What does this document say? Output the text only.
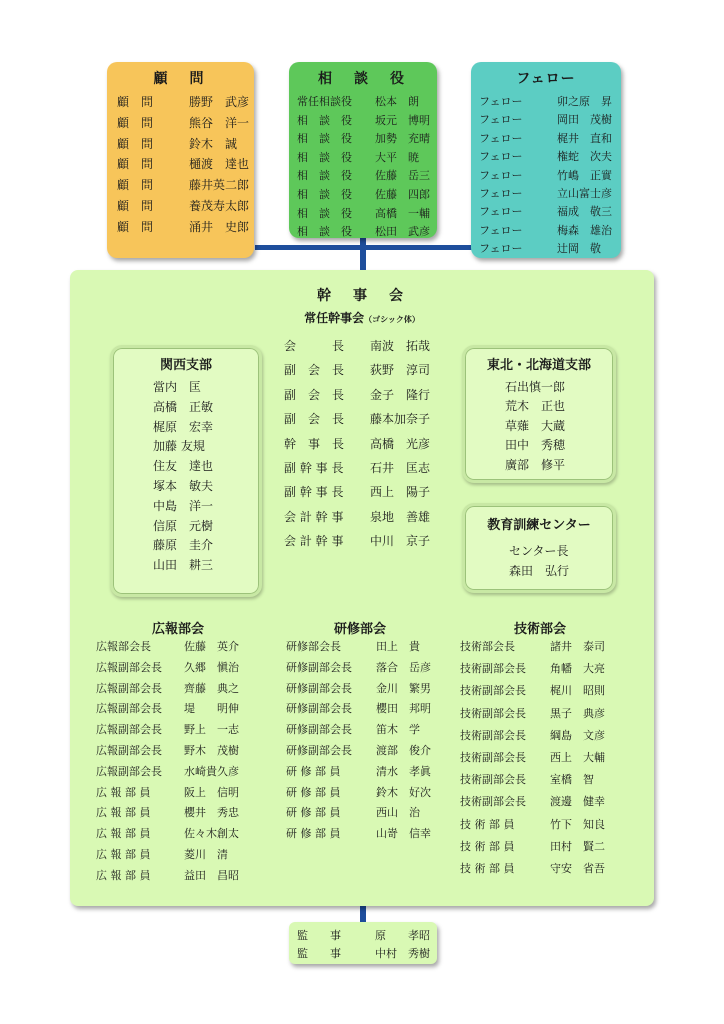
顧　問
顧　問	勝野　武彦
顧　問	熊谷　洋一
顧　問	鈴木　誠
顧　問	樋渡　達也
顧　問	藤井英二郎
顧　問	養茂寿太郎
顧　問	涌井　史郎
相　談　役
常任相談役 松本　朗
相　談　役 坂元　博明
相　談　役 加勢　充晴
相　談　役 大平　暁
相　談　役 佐藤　岳三
相　談　役 佐藤　四郎
相　談　役 高橋　一輔
相　談　役 松田　武彦
フェロー
フェロー	卯之原　昇
フェロー	岡田　茂樹
フェロー	梶井　直和
フェロー	権蛇　次夫
フェロー	竹嶋　正實
フェロー	立山富士彦
フェロー	福成　敬三
フェロー	梅森　雄治
フェロー	辻岡　敬
幹　事　会
常任幹事会（ゴシック体）
会　　　長 南波　拓哉
副　会　長 荻野　淳司
副　会　長 金子　隆行
副　会　長 藤本加奈子
幹　事　長 高橋　光彦
副 幹 事 長 石井　匡志
副 幹 事 長 西上　陽子
会 計 幹 事 泉地　善雄
会 計 幹 事 中川　京子
関西支部
當内　匡
高橋　正敏
梶原　宏幸
加藤 友規
住友　達也
塚本　敏夫
中島　洋一
信原　元樹
藤原　圭介
山田　耕三
東北・北海道支部
石出慎一郎
荒木　正也
草薙　大蔵
田中　秀穂
廣部　修平
教育訓練センター
センター長
森田　弘行
広報部会
広報部会長	佐藤　英介
広報副部会長 久郷　愼治
広報副部会長 齊藤　典之
広報副部会長 堤　　明伸
広報副部会長 野上　一志
広報副部会長 野木　茂樹
広報副部会長 水崎貴久彦
広 報 部 員	阪上　信明
広 報 部 員	櫻井　秀忠
広 報 部 員	佐々木創太
広 報 部 員	菱川　清
広 報 部 員	益田　昌昭
研修部会
研修部会長	田上　貴
研修副部会長 落合　岳彦
研修副部会長 金川　繁男
研修副部会長 櫻田　邦明
研修副部会長 笛木　学
研修副部会長 渡部　俊介
研 修 部 員	清水　孝眞
研 修 部 員	鈴木　好次
研 修 部 員	西山　治
研 修 部 員	山嵜　信幸
技術部会
技術部会長	諸井　泰司
技術副部会長 角幡　大亮
技術副部会長 梶川　昭則
技術副部会長 黒子　典彦
技術副部会長 綱島　文彦
技術副部会長 西上　大輔
技術副部会長 室橋　智
技術副部会長 渡邊　健幸
技 術 部 員	竹下　知良
技 術 部 員	田村　賢二
技 術 部 員	守安　省吾
監　　事	原　　孝昭
監　　事	中村　秀樹
